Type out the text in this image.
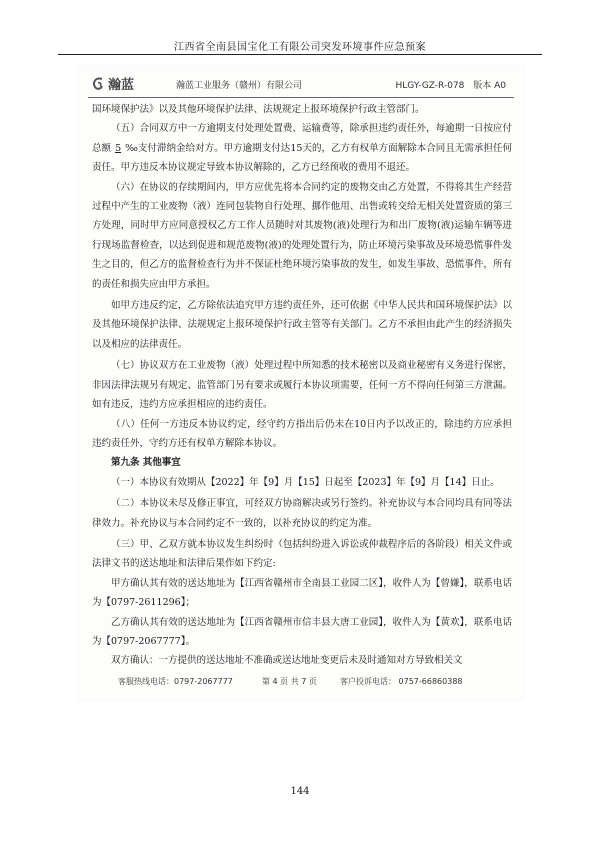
江西省全南县国宝化工有限公司突发环境事件应急预案
瀚蓝	瀚蓝工业服务（赣州）有限公司	HLGY-GZ-R-078 版本 A0

国环境保护法》以及其他环境保护法律、法规规定上报环境保护行政主管部门。

（五）合同双方中一方逾期支付处理处置费、运输费等，除承担违约责任外，每逾期一日按应付总额 5 ‰支付滞纳金给对方。甲方逾期支付达15天的，乙方有权单方面解除本合同且无需承担任何责任。甲方违反本协议规定导致本协议解除的，乙方已经预收的费用不退还。

（六）在协议的存续期间内，甲方应优先将本合同约定的废物交由乙方处置，不得将其生产经营过程中产生的工业废物（液）连同包装物自行处理、挪作他用、出售或转交给无相关处置资质的第三方处理，同时甲方应同意授权乙方工作人员随时对其废物(液)处理行为和出厂废物(液)运输车辆等进行现场监督检查，以达到促进和规范废物(液)的处理处置行为，防止环境污染事故及环境恐慌事件发生之目的，但乙方的监督检查行为并不保证杜绝环境污染事故的发生，如发生事故、恐慌事件，所有的责任和损失应由甲方承担。

如甲方违反约定，乙方除依法追究甲方违约责任外，还可依据《中华人民共和国环境保护法》以及其他环境保护法律、法规规定上报环境保护行政主管等有关部门。乙方不承担由此产生的经济损失以及相应的法律责任。

（七）协议双方在工业废物（液）处理过程中所知悉的技术秘密以及商业秘密有义务进行保密，非因法律法规另有规定、监管部门另有要求或履行本协议项需要，任何一方不得向任何第三方泄漏。如有违反，违约方应承担相应的违约责任。

（八）任何一方违反本协议约定，经守约方指出后仍未在10日内予以改正的，除违约方应承担违约责任外，守约方还有权单方解除本协议。

第九条 其他事宜

（一）本协议有效期从【2022】年【9】月【15】日起至【2023】年【9】月【14】日止。

（二）本协议未尽及修正事宜，可经双方协商解决或另行签约。补充协议与本合同均具有同等法律效力。补充协议与本合同约定不一致的，以补充协议的约定为准。

（三）甲、乙双方就本协议发生纠纷时（包括纠纷进入诉讼或仲裁程序后的各阶段）相关文件或法律文书的送达地址和法律后果作如下约定:

甲方确认其有效的送达地址为【江西省赣州市全南县工业园二区】，收件人为【曾嫌】，联系电话为【0797-2611296】；

乙方确认其有效的送达地址为【江西省赣州市信丰县大唐工业园】，收件人为【黄欢】，联系电话为【0797-2067777】。

双方确认：一方提供的送达地址不准确或送达地址变更后未及时通知对方导致相关文

客服热线电话：0797-2067777	第 4 页 共 7 页	客户投诉电话： 0757-66860388
144
